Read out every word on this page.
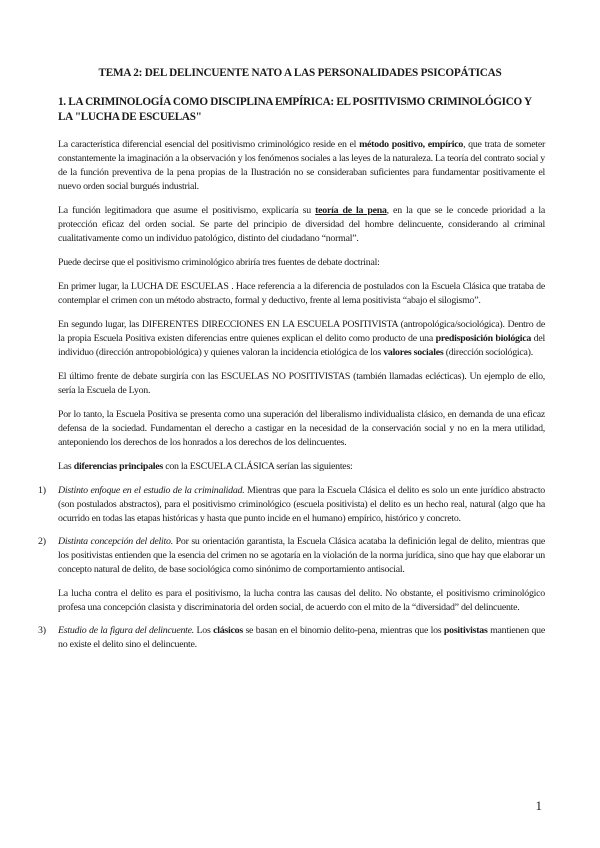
TEMA 2: DEL DELINCUENTE NATO A LAS PERSONALIDADES PSICOPÁTICAS
1. LA CRIMINOLOGÍA COMO DISCIPLINA EMPÍRICA: EL POSITIVISMO CRIMINOLÓGICO Y LA "LUCHA DE ESCUELAS"

La característica diferencial esencial del positivismo criminológico reside en el método positivo, empírico, que trata de someter constantemente la imaginación a la observación y los fenómenos sociales a las leyes de la naturaleza. La teoría del contrato social y de la función preventiva de la pena propias de la Ilustración no se consideraban suficientes para fundamentar positivamente el nuevo orden social burgués industrial.

La función legitimadora que asume el positivismo, explicaría su teoría de la pena, en la que se le concede prioridad a la protección eficaz del orden social. Se parte del principio de diversidad del hombre delincuente, considerando al criminal cualitativamente como un individuo patológico, distinto del ciudadano “normal”.

Puede decirse que el positivismo criminológico abriría tres fuentes de debate doctrinal:

En primer lugar, la LUCHA DE ESCUELAS . Hace referencia a la diferencia de postulados con la Escuela Clásica que trataba de contemplar el crimen con un método abstracto, formal y deductivo, frente al lema positivista “abajo el silogismo”.

En segundo lugar, las DIFERENTES DIRECCIONES EN LA ESCUELA POSITIVISTA (antropológica/sociológica). Dentro de la propia Escuela Positiva existen diferencias entre quienes explican el delito como producto de una predisposición biológica del individuo (dirección antropobiológica) y quienes valoran la incidencia etiológica de los valores sociales (dirección sociológica).

El último frente de debate surgiría con las ESCUELAS NO POSITIVISTAS (también llamadas eclécticas). Un ejemplo de ello, sería la Escuela de Lyon.

Por lo tanto, la Escuela Positiva se presenta como una superación del liberalismo individualista clásico, en demanda de una eficaz defensa de la sociedad. Fundamentan el derecho a castigar en la necesidad de la conservación social y no en la mera utilidad, anteponiendo los derechos de los honrados a los derechos de los delincuentes.

Las diferencias principales con la ESCUELA CLÁSICA serían las siguientes:

1) Distinto enfoque en el estudio de la criminalidad. Mientras que para la Escuela Clásica el delito es solo un ente jurídico abstracto (son postulados abstractos), para el positivismo criminológico (escuela positivista) el delito es un hecho real, natural (algo que ha ocurrido en todas las etapas históricas y hasta que punto incide en el humano) empírico, histórico y concreto.
2) Distinta concepción del delito. Por su orientación garantista, la Escuela Clásica acataba la definición legal de delito, mientras que los positivistas entienden que la esencia del crimen no se agotaría en la violación de la norma jurídica, sino que hay que elaborar un concepto natural de delito, de base sociológica como sinónimo de comportamiento antisocial.

La lucha contra el delito es para el positivismo, la lucha contra las causas del delito. No obstante, el positivismo criminológico profesa una concepción clasista y discriminatoria del orden social, de acuerdo con el mito de la “diversidad” del delincuente.

3) Estudio de la figura del delincuente. Los clásicos se basan en el binomio delito-pena, mientras que los positivistas mantienen que no existe el delito sino el delincuente.
1
